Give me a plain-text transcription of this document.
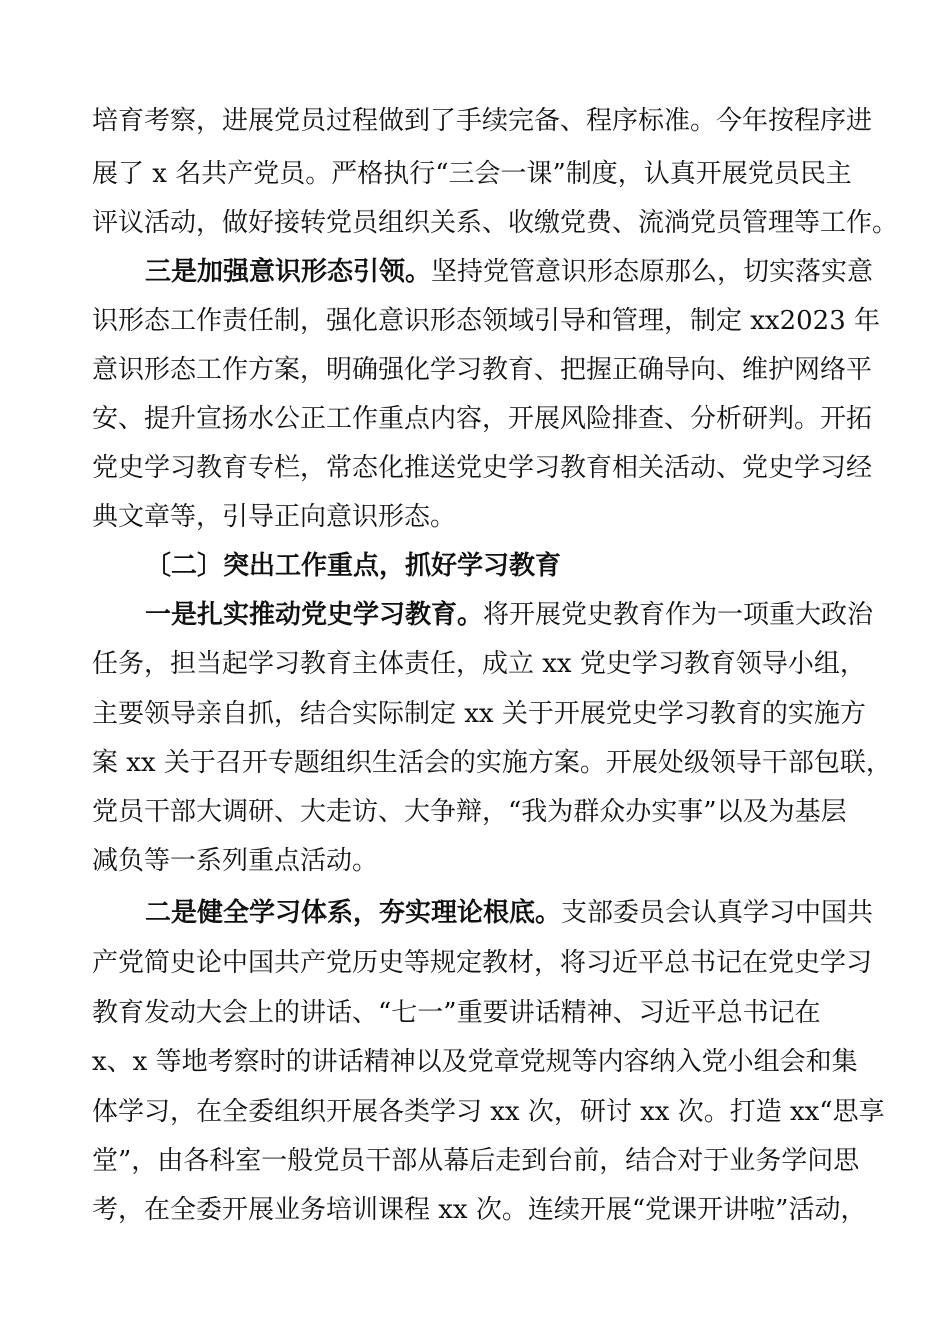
培育考察，进展党员过程做到了手续完备、程序标准。今年按程序进
展了 x 名共产党员。严格执行“三会一课”制度，认真开展党员民主
评议活动，做好接转党员组织关系、收缴党费、流淌党员管理等工作。
三是加强意识形态引领。坚持党管意识形态原那么，切实落实意
识形态工作责任制，强化意识形态领域引导和管理，制定 xx2023 年
意识形态工作方案，明确强化学习教育、把握正确导向、维护网络平
安、提升宣扬水公正工作重点内容，开展风险排查、分析研判。开拓
党史学习教育专栏，常态化推送党史学习教育相关活动、党史学习经
典文章等，引导正向意识形态。
〔二〕突出工作重点，抓好学习教育
一是扎实推动党史学习教育。将开展党史教育作为一项重大政治
任务，担当起学习教育主体责任，成立 xx 党史学习教育领导小组，
主要领导亲自抓，结合实际制定 xx 关于开展党史学习教育的实施方
案 xx 关于召开专题组织生活会的实施方案。开展处级领导干部包联，
党员干部大调研、大走访、大争辩，“我为群众办实事”以及为基层
减负等一系列重点活动。
二是健全学习体系，夯实理论根底。支部委员会认真学习中国共
产党简史论中国共产党历史等规定教材，将习近平总书记在党史学习
教育发动大会上的讲话、“七一”重要讲话精神、习近平总书记在
x、x 等地考察时的讲话精神以及党章党规等内容纳入党小组会和集
体学习，在全委组织开展各类学习 xx 次，研讨 xx 次。打造 xx“思享
堂”，由各科室一般党员干部从幕后走到台前，结合对于业务学问思
考，在全委开展业务培训课程 xx 次。连续开展“党课开讲啦”活动，
